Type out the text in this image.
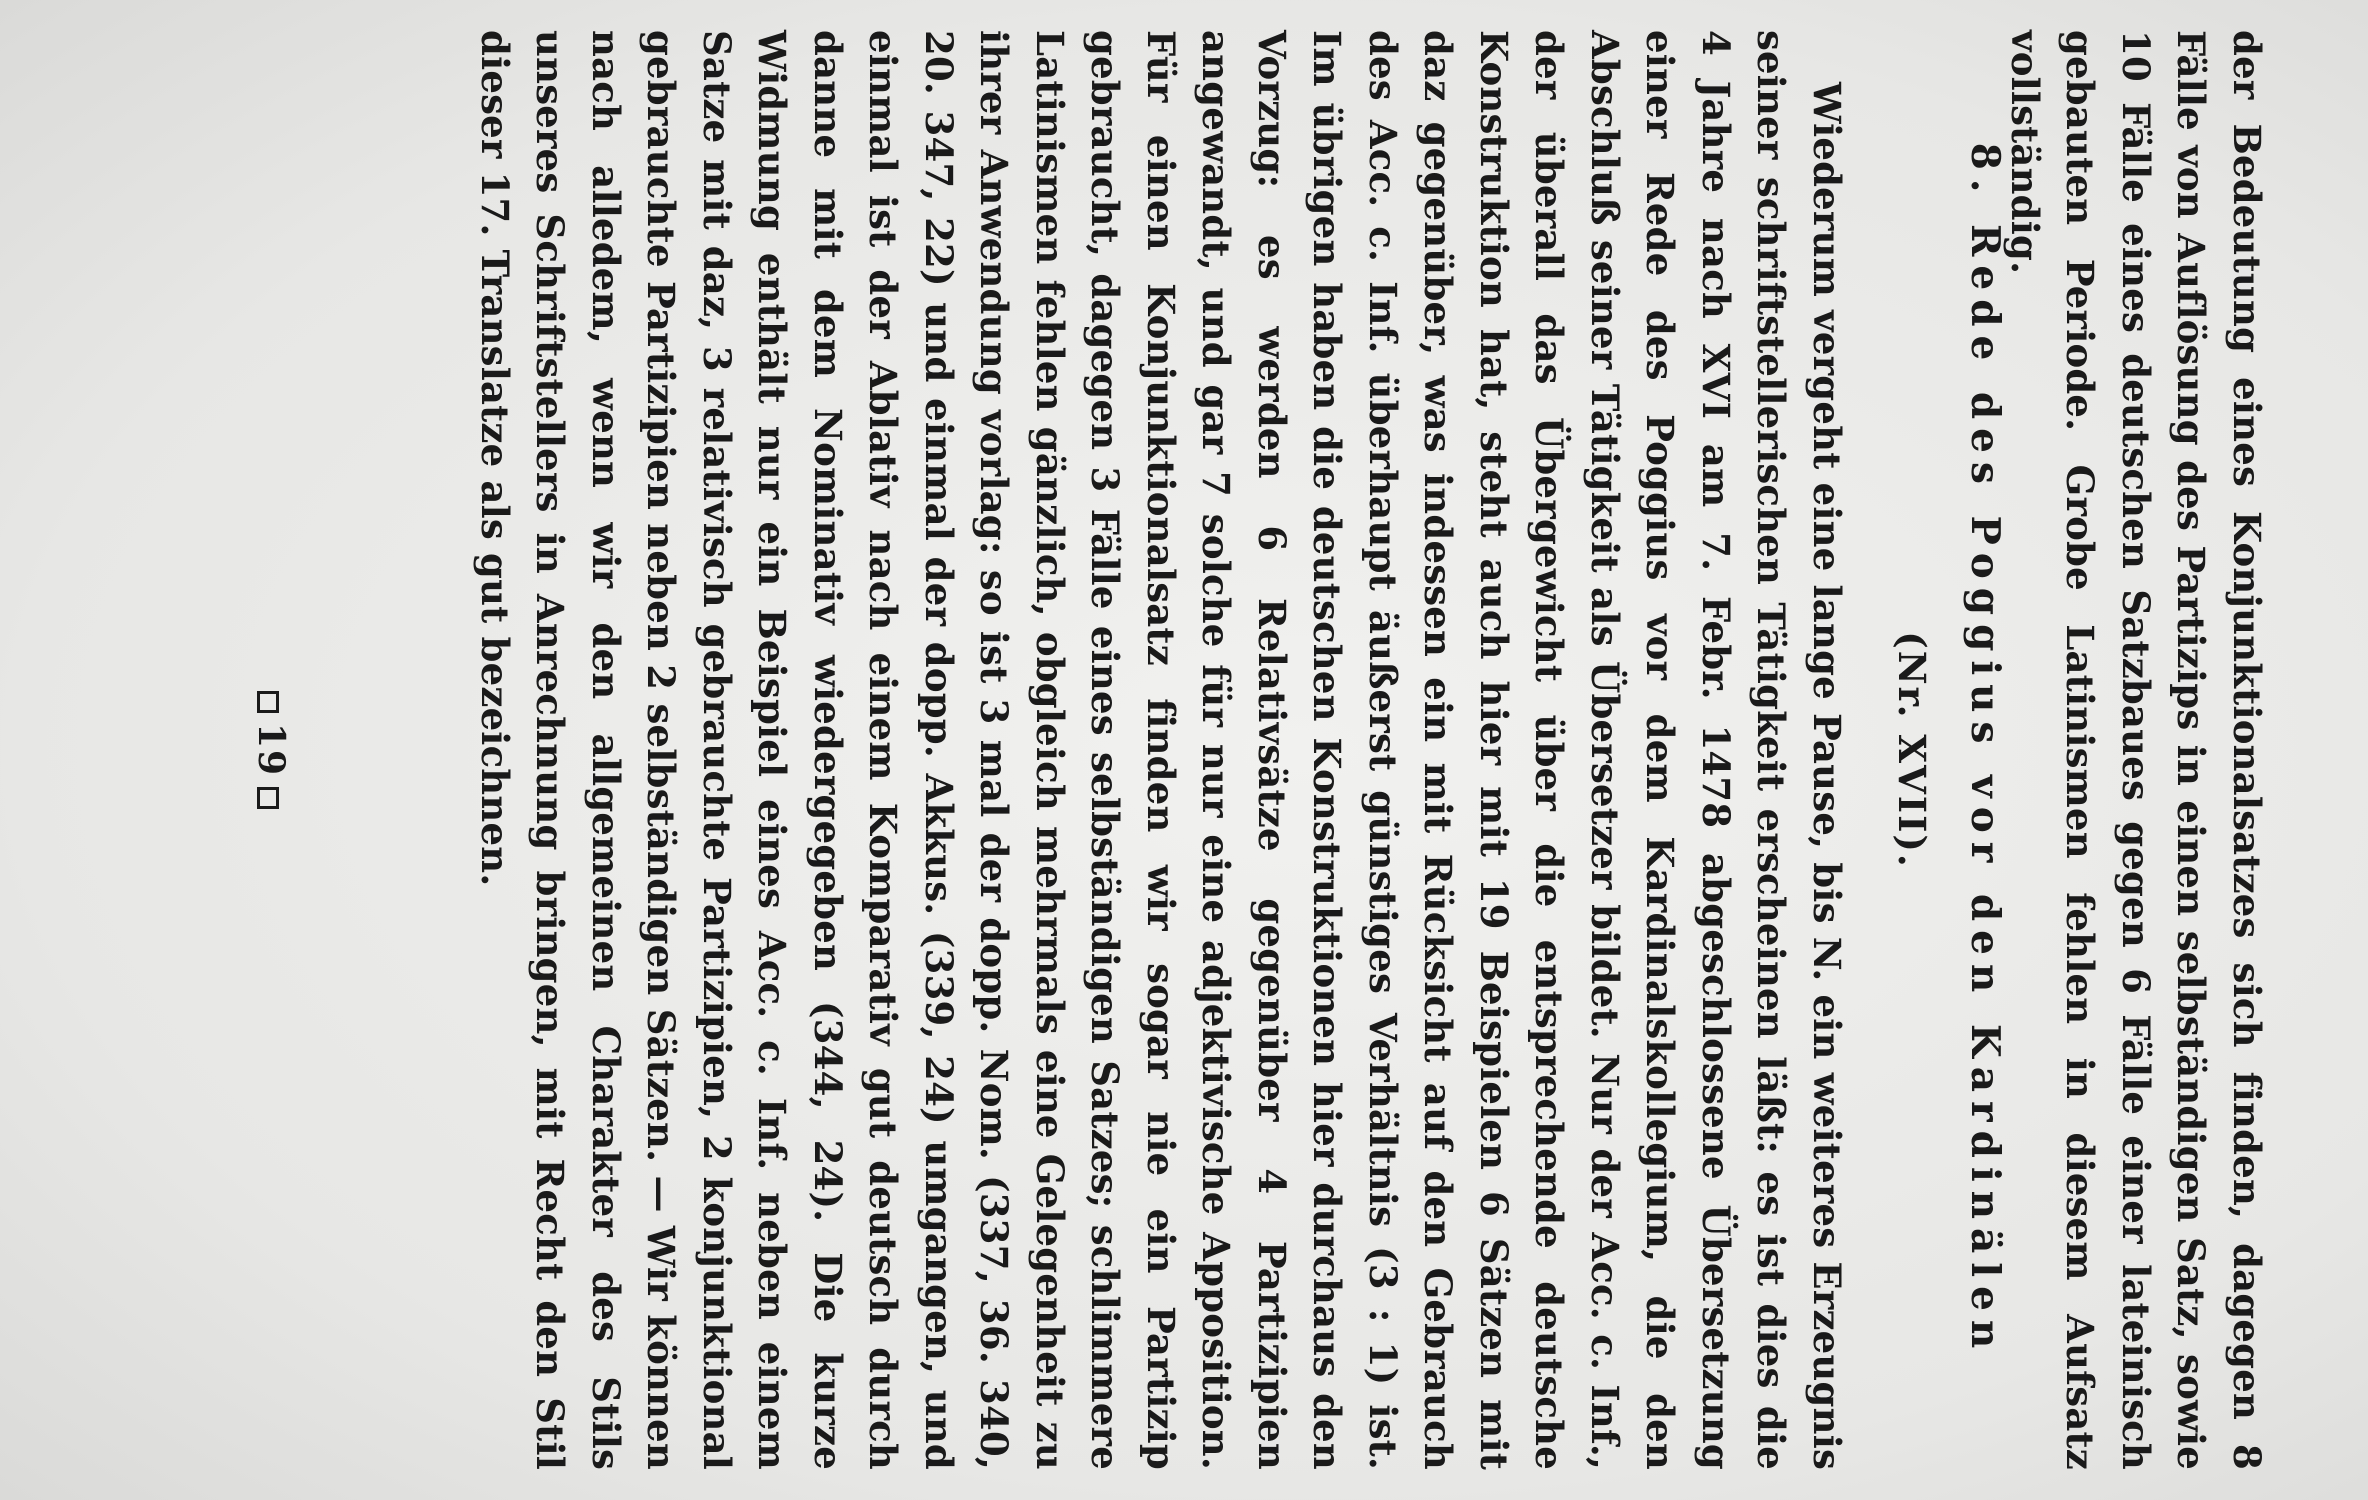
der Bedeutung eines Konjunktionalsatzes sich finden, dagegen 8 Fälle von Auflösung des Partizips in einen selbständigen Satz, sowie 10 Fälle eines deutschen Satzbaues gegen 6 Fälle einer lateinisch gebauten Periode. Grobe Latinismen fehlen in diesem Aufsatz vollständig.

8. Rede des Poggius vor den Kardinälen
(Nr. XVII).

Wiederum vergeht eine lange Pause, bis N. ein weiteres Erzeugnis seiner schriftstellerischen Tätigkeit erscheinen läßt: es ist dies die 4 Jahre nach XVI am 7. Febr. 1478 abgeschlossene Übersetzung einer Rede des Poggius vor dem Kardinalskollegium, die den Abschluß seiner Tätigkeit als Übersetzer bildet. Nur der Acc. c. Inf., der überall das Übergewicht über die entsprechende deutsche Konstruktion hat, steht auch hier mit 19 Beispielen 6 Sätzen mit daz gegenüber, was indessen ein mit Rücksicht auf den Gebrauch des Acc. c. Inf. überhaupt äußerst günstiges Verhältnis (3 : 1) ist. Im übrigen haben die deutschen Konstruktionen hier durchaus den Vorzug: es werden 6 Relativsätze gegenüber 4 Partizipien angewandt, und gar 7 solche für nur eine adjektivische Apposition. Für einen Konjunktionalsatz finden wir sogar nie ein Partizip gebraucht, dagegen 3 Fälle eines selbständigen Satzes; schlimmere Latinismen fehlen gänzlich, obgleich mehrmals eine Gelegenheit zu ihrer Anwendung vorlag: so ist 3 mal der dopp. Nom. (337, 36. 340, 20. 347, 22) und einmal der dopp. Akkus. (339, 24) umgangen, und einmal ist der Ablativ nach einem Komparativ gut deutsch durch danne mit dem Nominativ wiedergegeben (344, 24). Die kurze Widmung enthält nur ein Beispiel eines Acc. c. Inf. neben einem Satze mit daz, 3 relativisch gebrauchte Partizipien, 2 konjunktional gebrauchte Partizipien neben 2 selbständigen Sätzen. — Wir können nach alledem, wenn wir den allgemeinen Charakter des Stils unseres Schriftstellers in Anrechnung bringen, mit Recht den Stil dieser 17. Translatze als gut bezeichnen.

19
